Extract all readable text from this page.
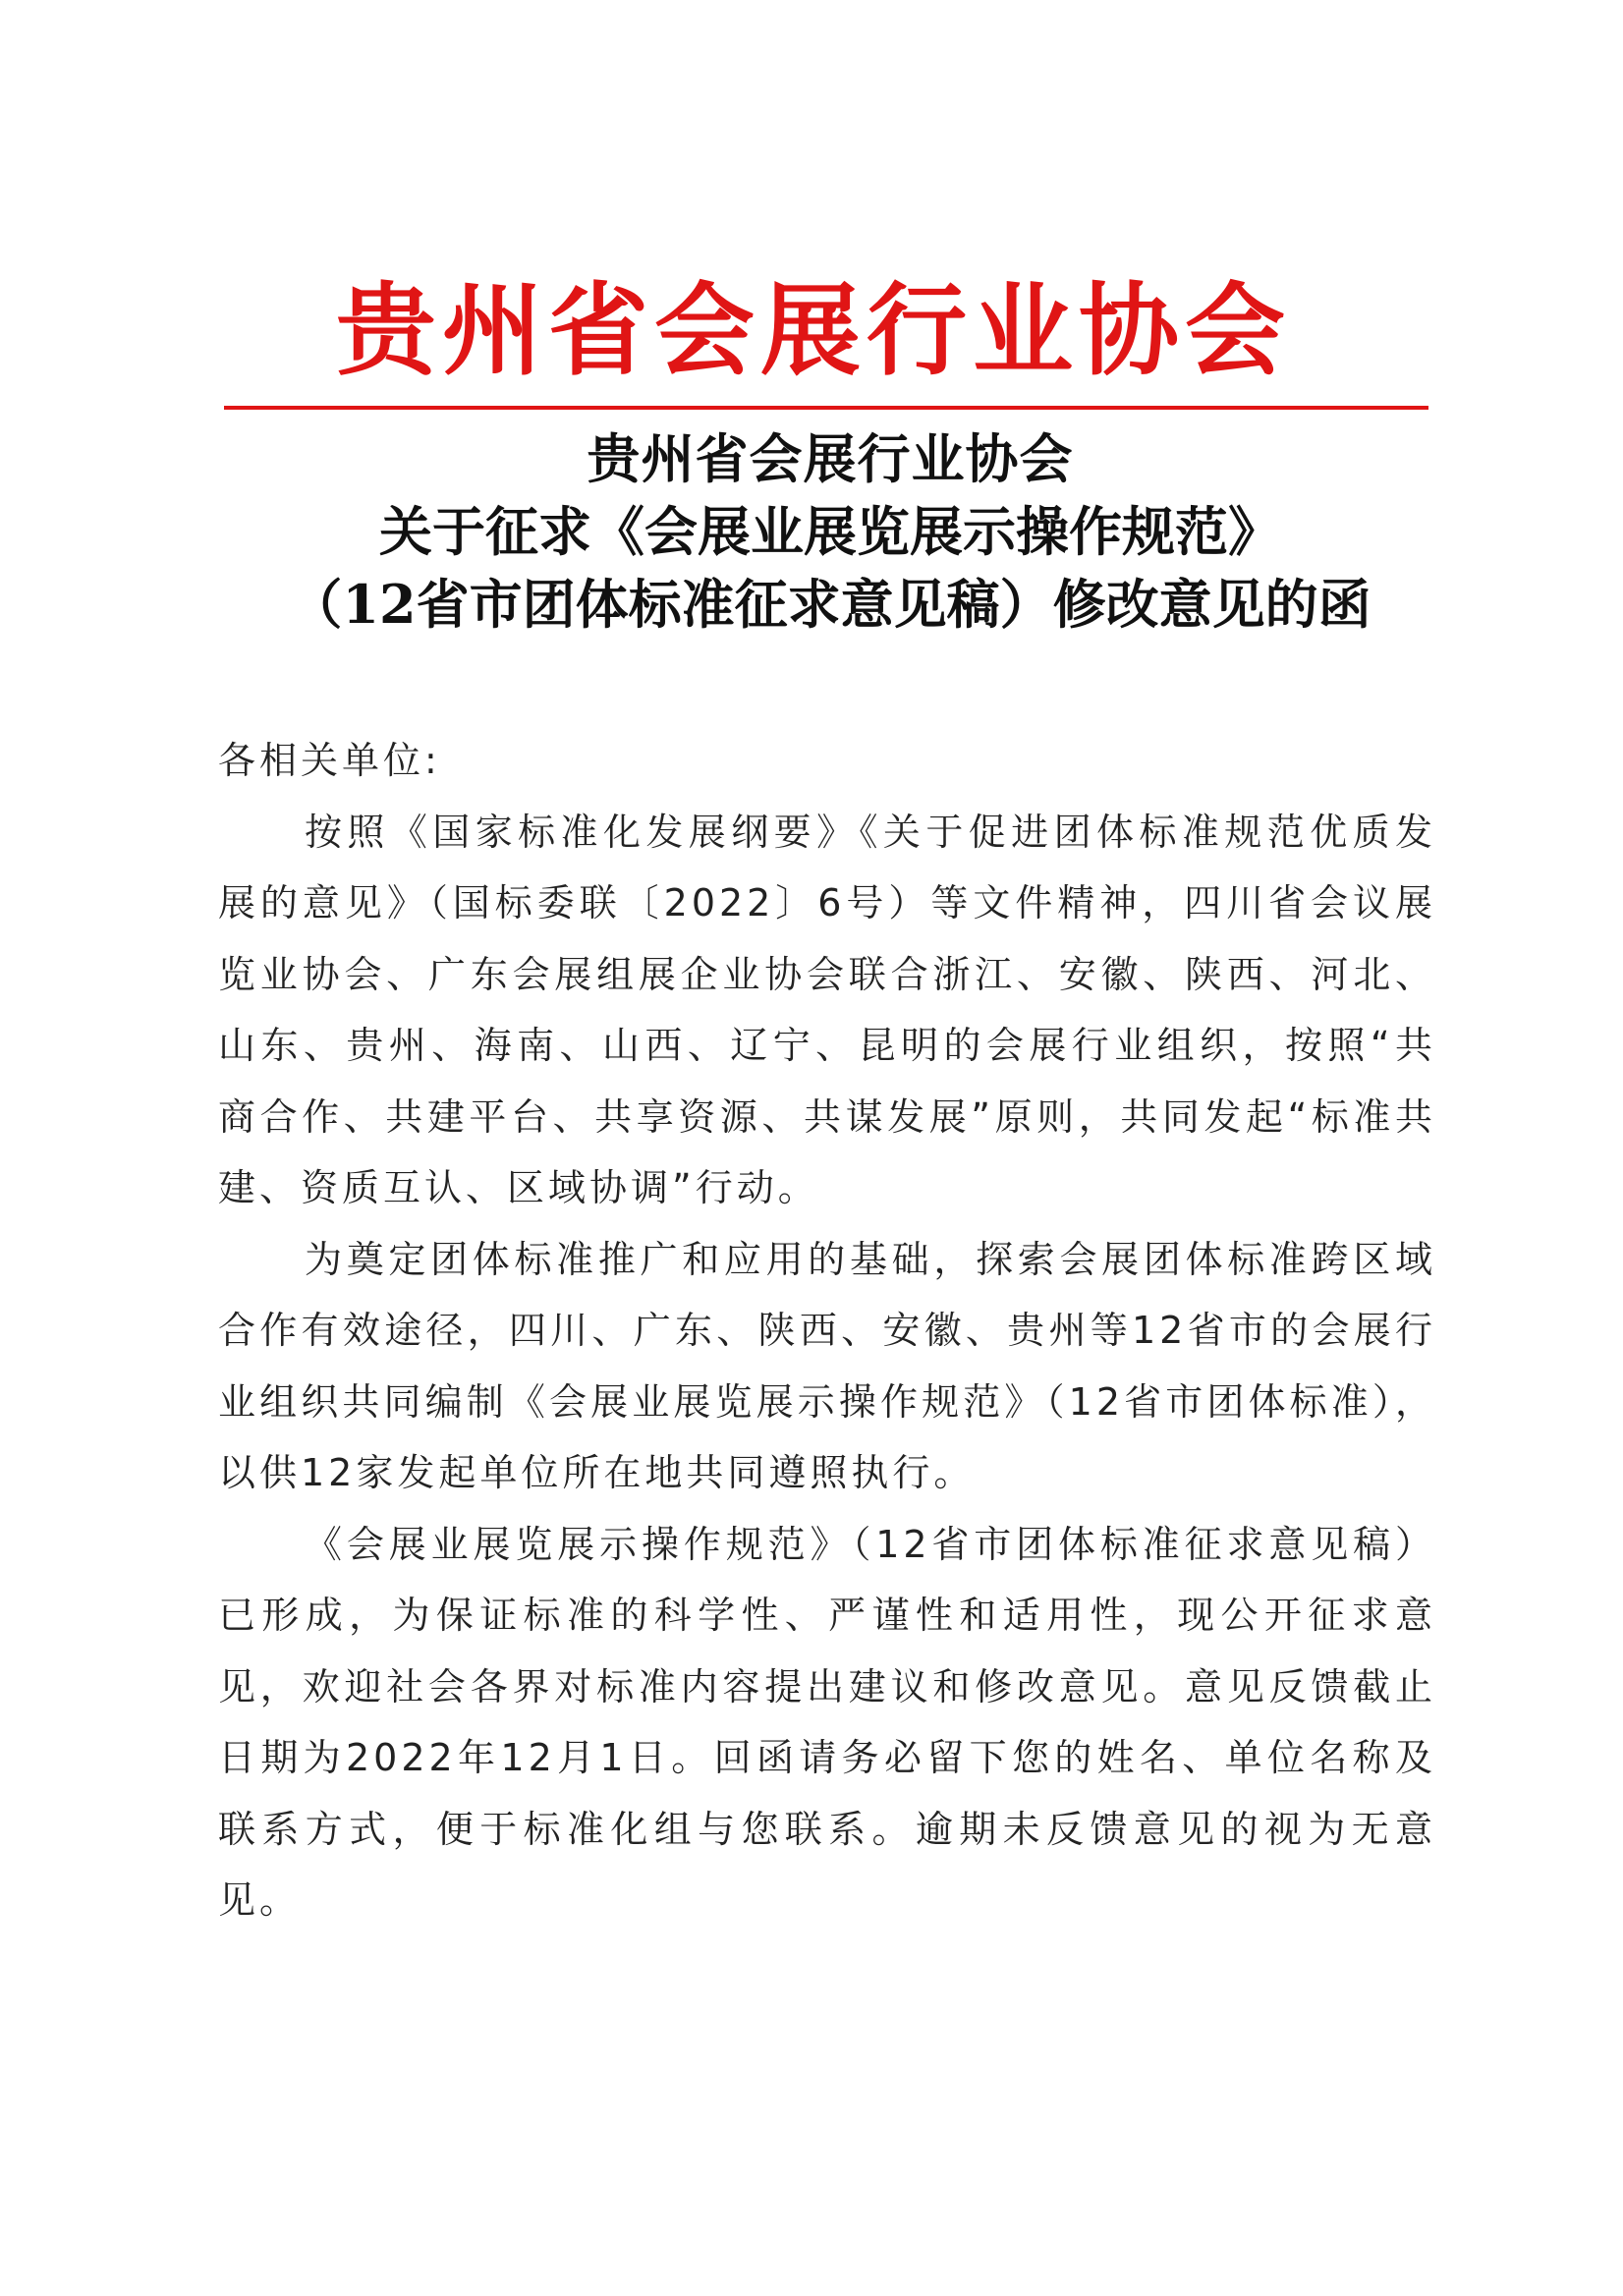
贵州省会展行业协会
贵州省会展行业协会
关于征求《会展业展览展示操作规范》
（12省市团体标准征求意见稿）修改意见的函

各相关单位:

按照《国家标准化发展纲要》《关于促进团体标准规范优质发展的意见》（国标委联〔2022〕6号）等文件精神，四川省会议展览业协会、广东会展组展企业协会联合浙江、安徽、陕西、河北、山东、贵州、海南、山西、辽宁、昆明的会展行业组织，按照“共商合作、共建平台、共享资源、共谋发展”原则，共同发起“标准共建、资质互认、区域协调”行动。

为奠定团体标准推广和应用的基础，探索会展团体标准跨区域合作有效途径，四川、广东、陕西、安徽、贵州等12省市的会展行业组织共同编制《会展业展览展示操作规范》（12省市团体标准），以供12家发起单位所在地共同遵照执行。

《会展业展览展示操作规范》（12省市团体标准征求意见稿）已形成，为保证标准的科学性、严谨性和适用性，现公开征求意见，欢迎社会各界对标准内容提出建议和修改意见。意见反馈截止日期为2022年12月1日。回函请务必留下您的姓名、单位名称及联系方式，便于标准化组与您联系。逾期未反馈意见的视为无意见。
